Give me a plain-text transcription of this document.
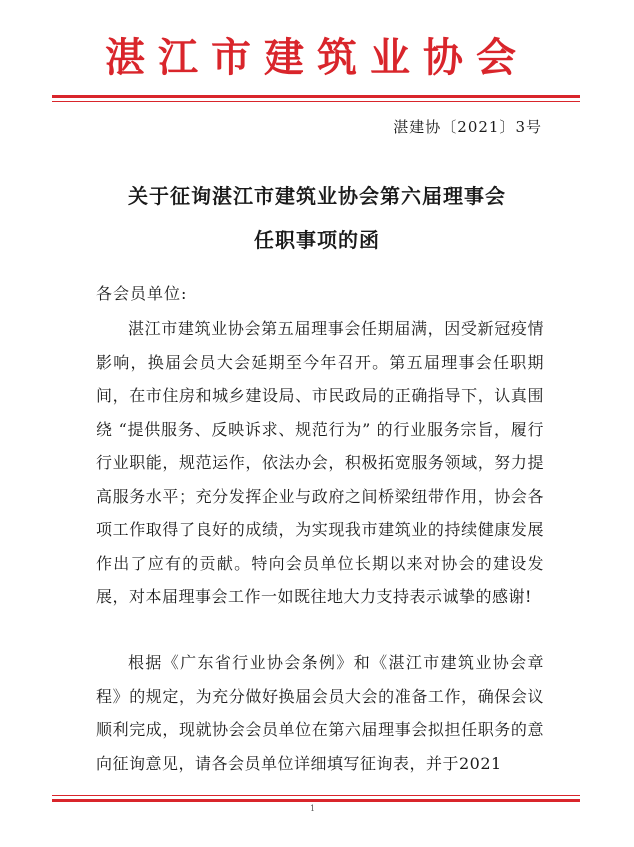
湛江市建筑业协会
湛建协〔2021〕3号
关于征询湛江市建筑业协会第六届理事会
任职事项的函
各会员单位:
湛江市建筑业协会第五届理事会任期届满，因受新冠疫情影响，换届会员大会延期至今年召开。第五届理事会任职期间，在市住房和城乡建设局、市民政局的正确指导下，认真围绕 “提供服务、反映诉求、规范行为” 的行业服务宗旨，履行行业职能，规范运作，依法办会，积极拓宽服务领域，努力提高服务水平；充分发挥企业与政府之间桥梁纽带作用，协会各项工作取得了良好的成绩，为实现我市建筑业的持续健康发展作出了应有的贡献。特向会员单位长期以来对协会的建设发展，对本届理事会工作一如既往地大力支持表示诚挚的感谢!
根据《广东省行业协会条例》和《湛江市建筑业协会章程》的规定，为充分做好换届会员大会的准备工作，确保会议顺利完成，现就协会会员单位在第六届理事会拟担任职务的意向征询意见，请各会员单位详细填写征询表，并于2021
1
